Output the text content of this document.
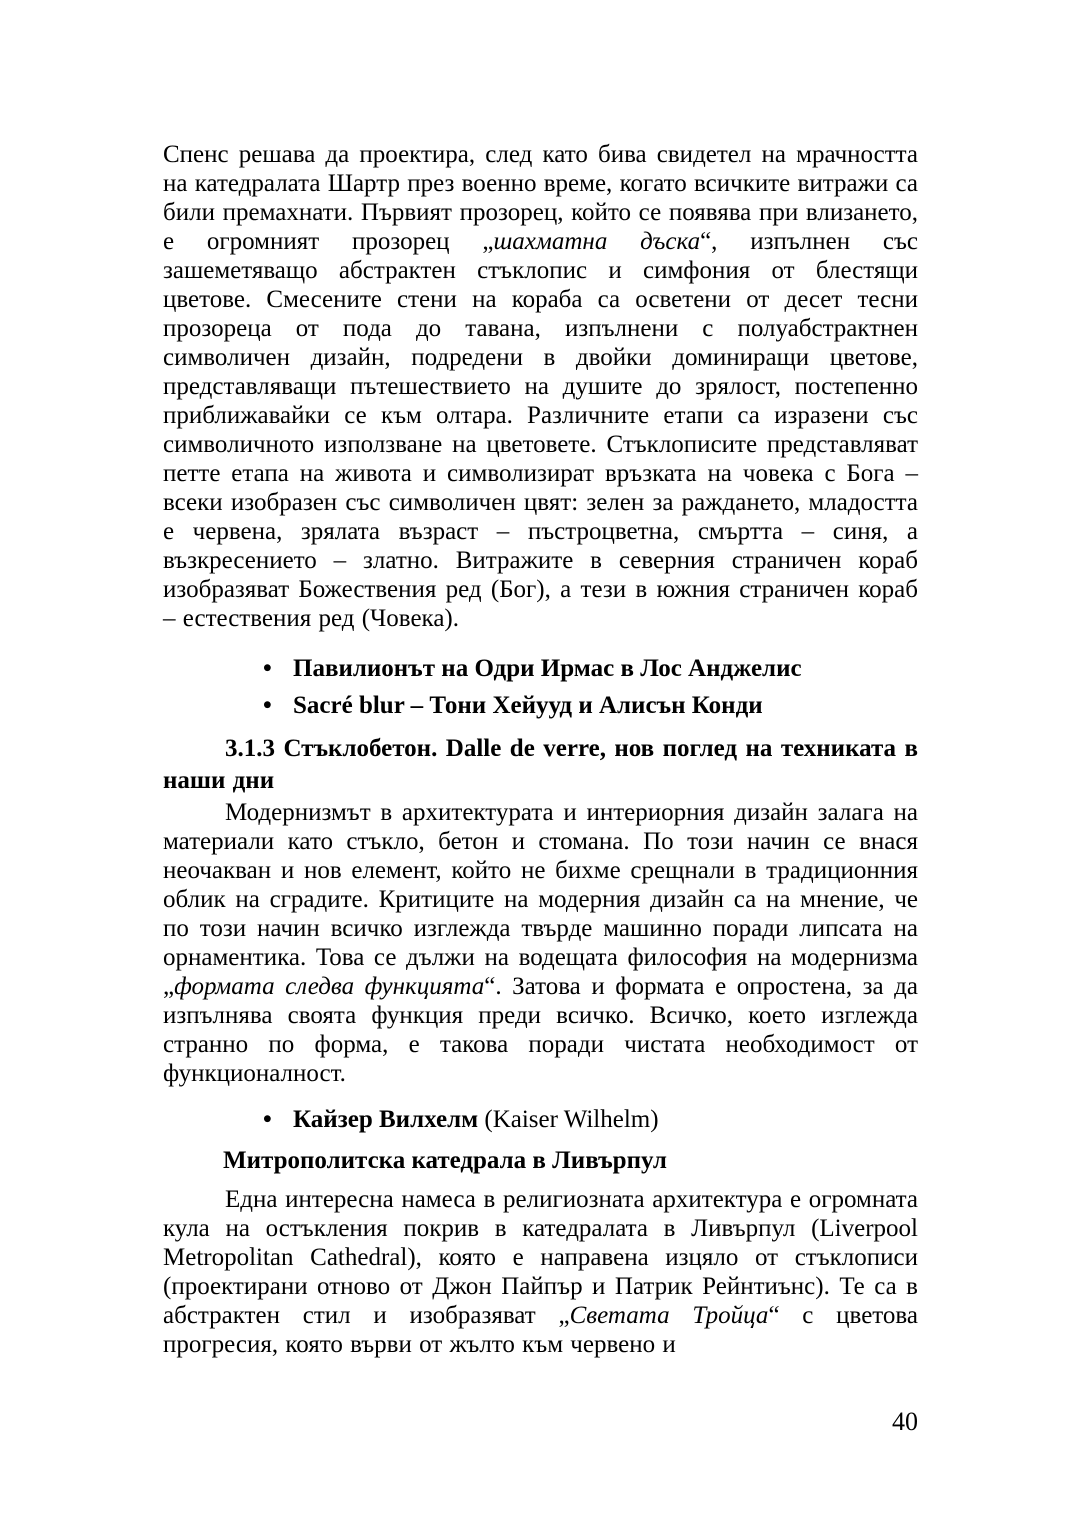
Спенс решава да проектира, след като бива свидетел на мрачността на катедралата Шартр през военно време, когато всичките витражи са били премахнати. Първият прозорец, който се появява при влизането, е огромният прозорец „шахматна дъска“, изпълнен със зашеметяващо абстрактен стъклопис и симфония от блестящи цветове. Смесените стени на кораба са осветени от десет тесни прозореца от пода до тавана, изпълнени с полуабстрактнен символичен дизайн, подредени в двойки доминиращи цветове, представляващи пътешествието на душите до зрялост, постепенно приближавайки се към олтара. Различните етапи са изразени със символичното използване на цветовете. Стъклописите представляват петте етапа на живота и символизират връзката на човека с Бога – всеки изобразен със символичен цвят: зелен за раждането, младостта е червена, зрялата възраст – пъстроцветна, смъртта – синя, а възкресението – златно. Витражите в северния страничен кораб изобразяват Божествения ред (Бог), а тези в южния страничен кораб – естествения ред (Човека).

• Павилионът на Одри Ирмас в Лос Анджелис
• Sacré blur – Тони Хейууд и Алисън Конди
3.1.3 Стъклобетон. Dalle de verre, нов поглед на техниката в наши дни

Модернизмът в архитектурата и интериорния дизайн залага на материали като стъкло, бетон и стомана. По този начин се внася неочакван и нов елемент, който не бихме срещнали в традиционния облик на сградите. Критиците на модерния дизайн са на мнение, че по този начин всичко изглежда твърде машинно поради липсата на орнаментика. Това се дължи на водещата философия на модернизма „формата следва функцията“. Затова и формата е опростена, за да изпълнява своята функция преди всичко. Всичко, което изглежда странно по форма, е такова поради чистата необходимост от функционалност.

• Кайзер Вилхелм (Kaiser Wilhelm)
Митрополитска катедрала в Ливърпул

Една интересна намеса в религиозната архитектура е огромната кула на остъкления покрив в катедралата в Ливърпул (Liverpool Metropolitan Cathedral), която е направена изцяло от стъклописи (проектирани отново от Джон Пайпър и Патрик Рейнтиънс). Те са в абстрактен стил и изобразяват „Светата Тройца“ с цветова прогресия, която върви от жълто към червено и

40
